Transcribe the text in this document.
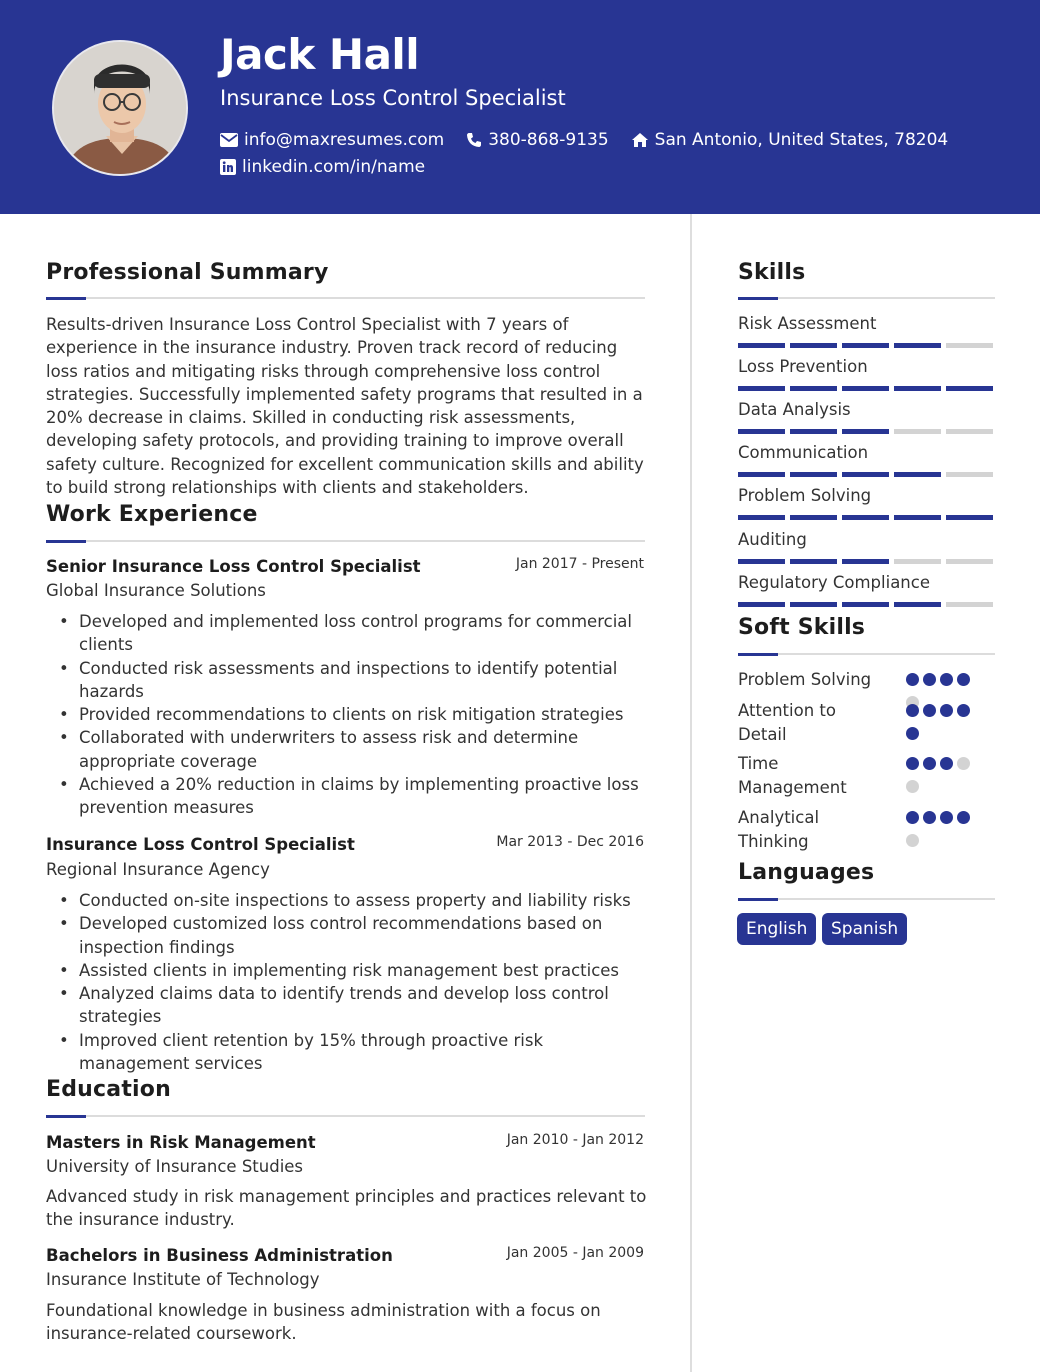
Jack Hall
Insurance Loss Control Specialist
info@maxresumes.com	380-868-9135	San Antonio, United States, 78204
linkedin.com/in/name
Professional Summary
Results-driven Insurance Loss Control Specialist with 7 years of experience in the insurance industry. Proven track record of reducing loss ratios and mitigating risks through comprehensive loss control strategies. Successfully implemented safety programs that resulted in a 20% decrease in claims. Skilled in conducting risk assessments, developing safety protocols, and providing training to improve overall safety culture. Recognized for excellent communication skills and ability to build strong relationships with clients and stakeholders.
Work Experience
Senior Insurance Loss Control Specialist	Jan 2017 - Present
Global Insurance Solutions
• Developed and implemented loss control programs for commercial clients
• Conducted risk assessments and inspections to identify potential hazards
• Provided recommendations to clients on risk mitigation strategies
• Collaborated with underwriters to assess risk and determine appropriate coverage
• Achieved a 20% reduction in claims by implementing proactive loss prevention measures
Insurance Loss Control Specialist	Mar 2013 - Dec 2016
Regional Insurance Agency
• Conducted on-site inspections to assess property and liability risks
• Developed customized loss control recommendations based on inspection findings
• Assisted clients in implementing risk management best practices
• Analyzed claims data to identify trends and develop loss control strategies
• Improved client retention by 15% through proactive risk management services
Education
Masters in Risk Management	Jan 2010 - Jan 2012
University of Insurance Studies
Advanced study in risk management principles and practices relevant to the insurance industry.
Bachelors in Business Administration	Jan 2005 - Jan 2009
Insurance Institute of Technology
Foundational knowledge in business administration with a focus on insurance-related coursework.
Skills
Risk Assessment
Loss Prevention
Data Analysis
Communication
Problem Solving
Auditing
Regulatory Compliance
Soft Skills
Problem Solving
Attention to Detail
Time Management
Analytical Thinking
Languages
English	Spanish
